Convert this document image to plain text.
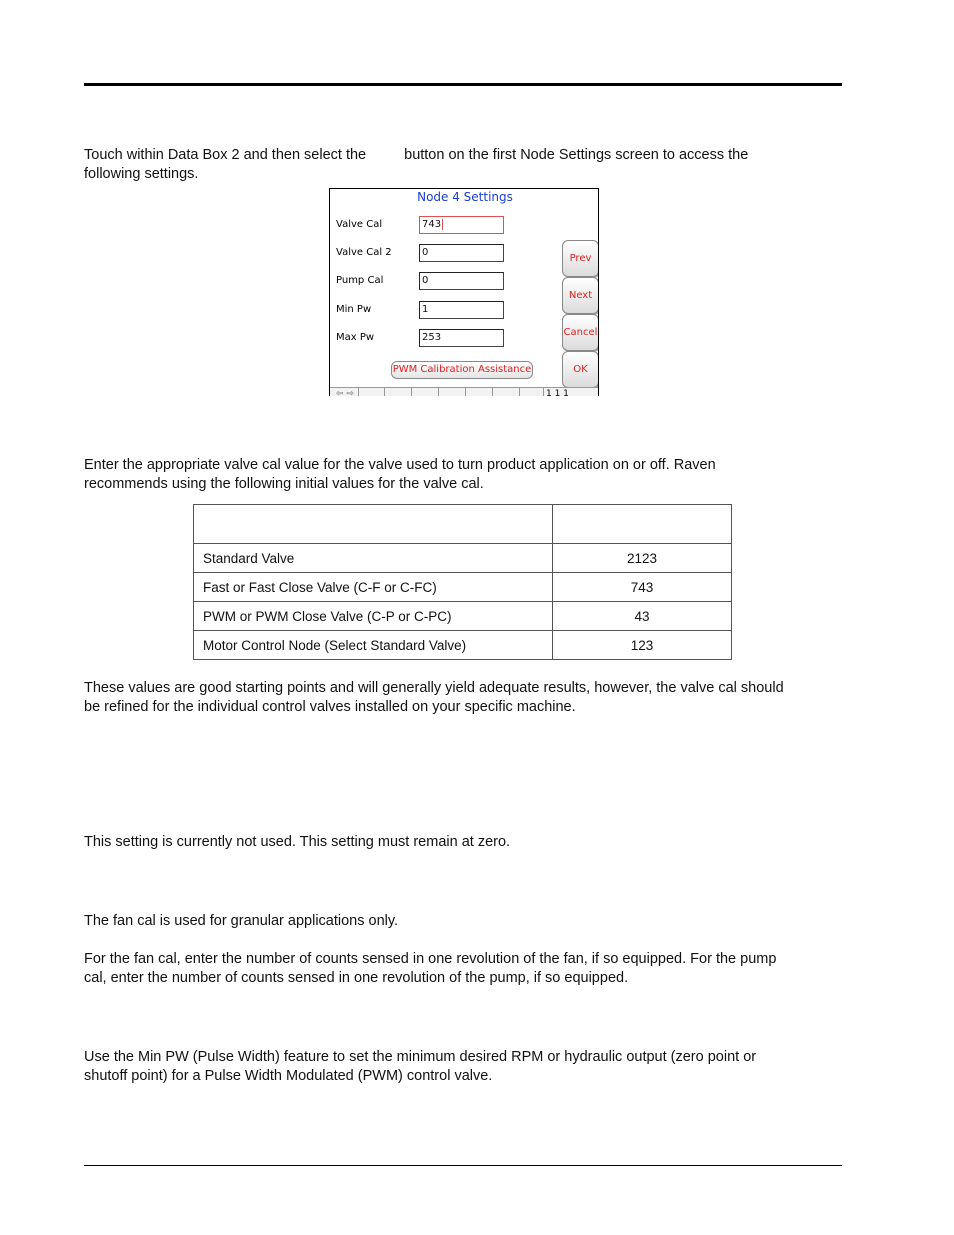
Touch within Data Box 2 and then select the	button on the first Node Settings screen to access the
following settings.
Node 4 Settings
Valve Cal	743
Valve Cal 2	0
Pump Cal	0
Min Pw	1
Max Pw	253
Prev
Next
Cancel
OK
PWM Calibration Assistance
⇦ ⇨	1 1 1
Enter the appropriate valve cal value for the valve used to turn product application on or off. Raven
recommends using the following initial values for the valve cal.

Standard Valve	2123
Fast or Fast Close Valve (C-F or C-FC)	743
PWM or PWM Close Valve (C-P or C-PC)	43
Motor Control Node (Select Standard Valve)	123
These values are good starting points and will generally yield adequate results, however, the valve cal should
be refined for the individual control valves installed on your specific machine.
This setting is currently not used. This setting must remain at zero.
The fan cal is used for granular applications only.
For the fan cal, enter the number of counts sensed in one revolution of the fan, if so equipped. For the pump
cal, enter the number of counts sensed in one revolution of the pump, if so equipped.
Use the Min PW (Pulse Width) feature to set the minimum desired RPM or hydraulic output (zero point or
shutoff point) for a Pulse Width Modulated (PWM) control valve.
